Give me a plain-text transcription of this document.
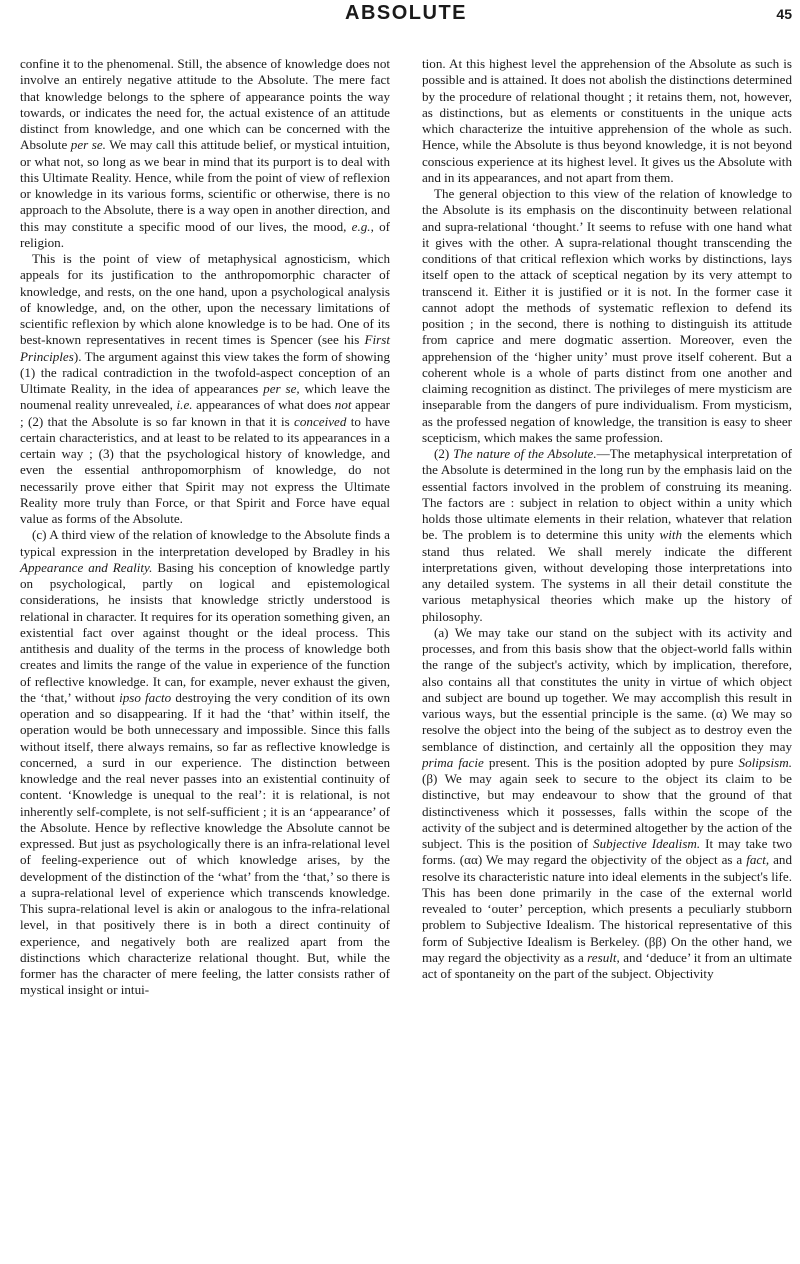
ABSOLUTE	45

confine it to the phenomenal. Still, the absence of knowledge does not involve an entirely negative attitude to the Absolute. The mere fact that knowledge belongs to the sphere of appearance points the way towards, or indicates the need for, the actual existence of an attitude distinct from knowledge, and one which can be concerned with the Absolute per se. We may call this attitude belief, or mystical intuition, or what not, so long as we bear in mind that its purport is to deal with this Ultimate Reality. Hence, while from the point of view of reflexion or knowledge in its various forms, scientific or otherwise, there is no approach to the Absolute, there is a way open in another direction, and this may constitute a specific mood of our lives, the mood, e.g., of religion.

This is the point of view of metaphysical agnosticism, which appeals for its justification to the anthropomorphic character of knowledge, and rests, on the one hand, upon a psychological analysis of knowledge, and, on the other, upon the necessary limitations of scientific reflexion by which alone knowledge is to be had. One of its best-known representatives in recent times is Spencer (see his First Principles). The argument against this view takes the form of showing (1) the radical contradiction in the twofold-aspect conception of an Ultimate Reality, in the idea of appearances per se, which leave the noumenal reality unrevealed, i.e. appearances of what does not appear ; (2) that the Absolute is so far known in that it is conceived to have certain characteristics, and at least to be related to its appearances in a certain way ; (3) that the psychological history of knowledge, and even the essential anthropomorphism of knowledge, do not necessarily prove either that Spirit may not express the Ultimate Reality more truly than Force, or that Spirit and Force have equal value as forms of the Absolute.

(c) A third view of the relation of knowledge to the Absolute finds a typical expression in the interpretation developed by Bradley in his Appearance and Reality. Basing his conception of knowledge partly on psychological, partly on logical and epistemological considerations, he insists that knowledge strictly understood is relational in character. It requires for its operation something given, an existential fact over against thought or the ideal process. This antithesis and duality of the terms in the process of knowledge both creates and limits the range of the value in experience of the function of reflective knowledge. It can, for example, never exhaust the given, the ‘that,’ without ipso facto destroying the very condition of its own operation and so disappearing. If it had the ‘that’ within itself, the operation would be both unnecessary and impossible. Since this falls without itself, there always remains, so far as reflective knowledge is concerned, a surd in our experience. The distinction between knowledge and the real never passes into an existential continuity of content. ‘Knowledge is unequal to the real’: it is relational, is not inherently self-complete, is not self-sufficient ; it is an ‘appearance’ of the Absolute. Hence by reflective knowledge the Absolute cannot be expressed. But just as psychologically there is an infra-relational level of feeling-experience out of which knowledge arises, by the development of the distinction of the ‘what’ from the ‘that,’ so there is a supra-relational level of experience which transcends knowledge. This supra-relational level is akin or analogous to the infra-relational level, in that positively there is in both a direct continuity of experience, and negatively both are realized apart from the distinctions which characterize relational thought. But, while the former has the character of mere feeling, the latter consists rather of mystical insight or intui-

tion. At this highest level the apprehension of the Absolute as such is possible and is attained. It does not abolish the distinctions determined by the procedure of relational thought ; it retains them, not, however, as distinctions, but as elements or constituents in the unique acts which characterize the intuitive apprehension of the whole as such. Hence, while the Absolute is thus beyond knowledge, it is not beyond conscious experience at its highest level. It gives us the Absolute with and in its appearances, and not apart from them.

The general objection to this view of the relation of knowledge to the Absolute is its emphasis on the discontinuity between relational and supra-relational ‘thought.’ It seems to refuse with one hand what it gives with the other. A supra-relational thought transcending the conditions of that critical reflexion which works by distinctions, lays itself open to the attack of sceptical negation by its very attempt to transcend it. Either it is justified or it is not. In the former case it cannot adopt the methods of systematic reflexion to defend its position ; in the second, there is nothing to distinguish its attitude from caprice and mere dogmatic assertion. Moreover, even the apprehension of the ‘higher unity’ must prove itself coherent. But a coherent whole is a whole of parts distinct from one another and claiming recognition as distinct. The privileges of mere mysticism are inseparable from the dangers of pure individualism. From mysticism, as the professed negation of knowledge, the transition is easy to sheer scepticism, which makes the same profession.

(2) The nature of the Absolute.—The metaphysical interpretation of the Absolute is determined in the long run by the emphasis laid on the essential factors involved in the problem of construing its meaning. The factors are : subject in relation to object within a unity which holds those ultimate elements in their relation, whatever that relation be. The problem is to determine this unity with the elements which stand thus related. We shall merely indicate the different interpretations given, without developing those interpretations into any detailed system. The systems in all their detail constitute the various metaphysical theories which make up the history of philosophy.

(a) We may take our stand on the subject with its activity and processes, and from this basis show that the object-world falls within the range of the subject's activity, which by implication, therefore, also contains all that constitutes the unity in virtue of which object and subject are bound up together. We may accomplish this result in various ways, but the essential principle is the same. (α) We may so resolve the object into the being of the subject as to destroy even the semblance of distinction, and certainly all the opposition they may prima facie present. This is the position adopted by pure Solipsism. (β) We may again seek to secure to the object its claim to be distinctive, but may endeavour to show that the ground of that distinctiveness which it possesses, falls within the scope of the activity of the subject and is determined altogether by the action of the subject. This is the position of Subjective Idealism. It may take two forms. (αα) We may regard the objectivity of the object as a fact, and resolve its characteristic nature into ideal elements in the subject's life. This has been done primarily in the case of the external world revealed to ‘outer’ perception, which presents a peculiarly stubborn problem to Subjective Idealism. The historical representative of this form of Subjective Idealism is Berkeley. (ββ) On the other hand, we may regard the objectivity as a result, and ‘deduce’ it from an ultimate act of spontaneity on the part of the subject. Objectivity
